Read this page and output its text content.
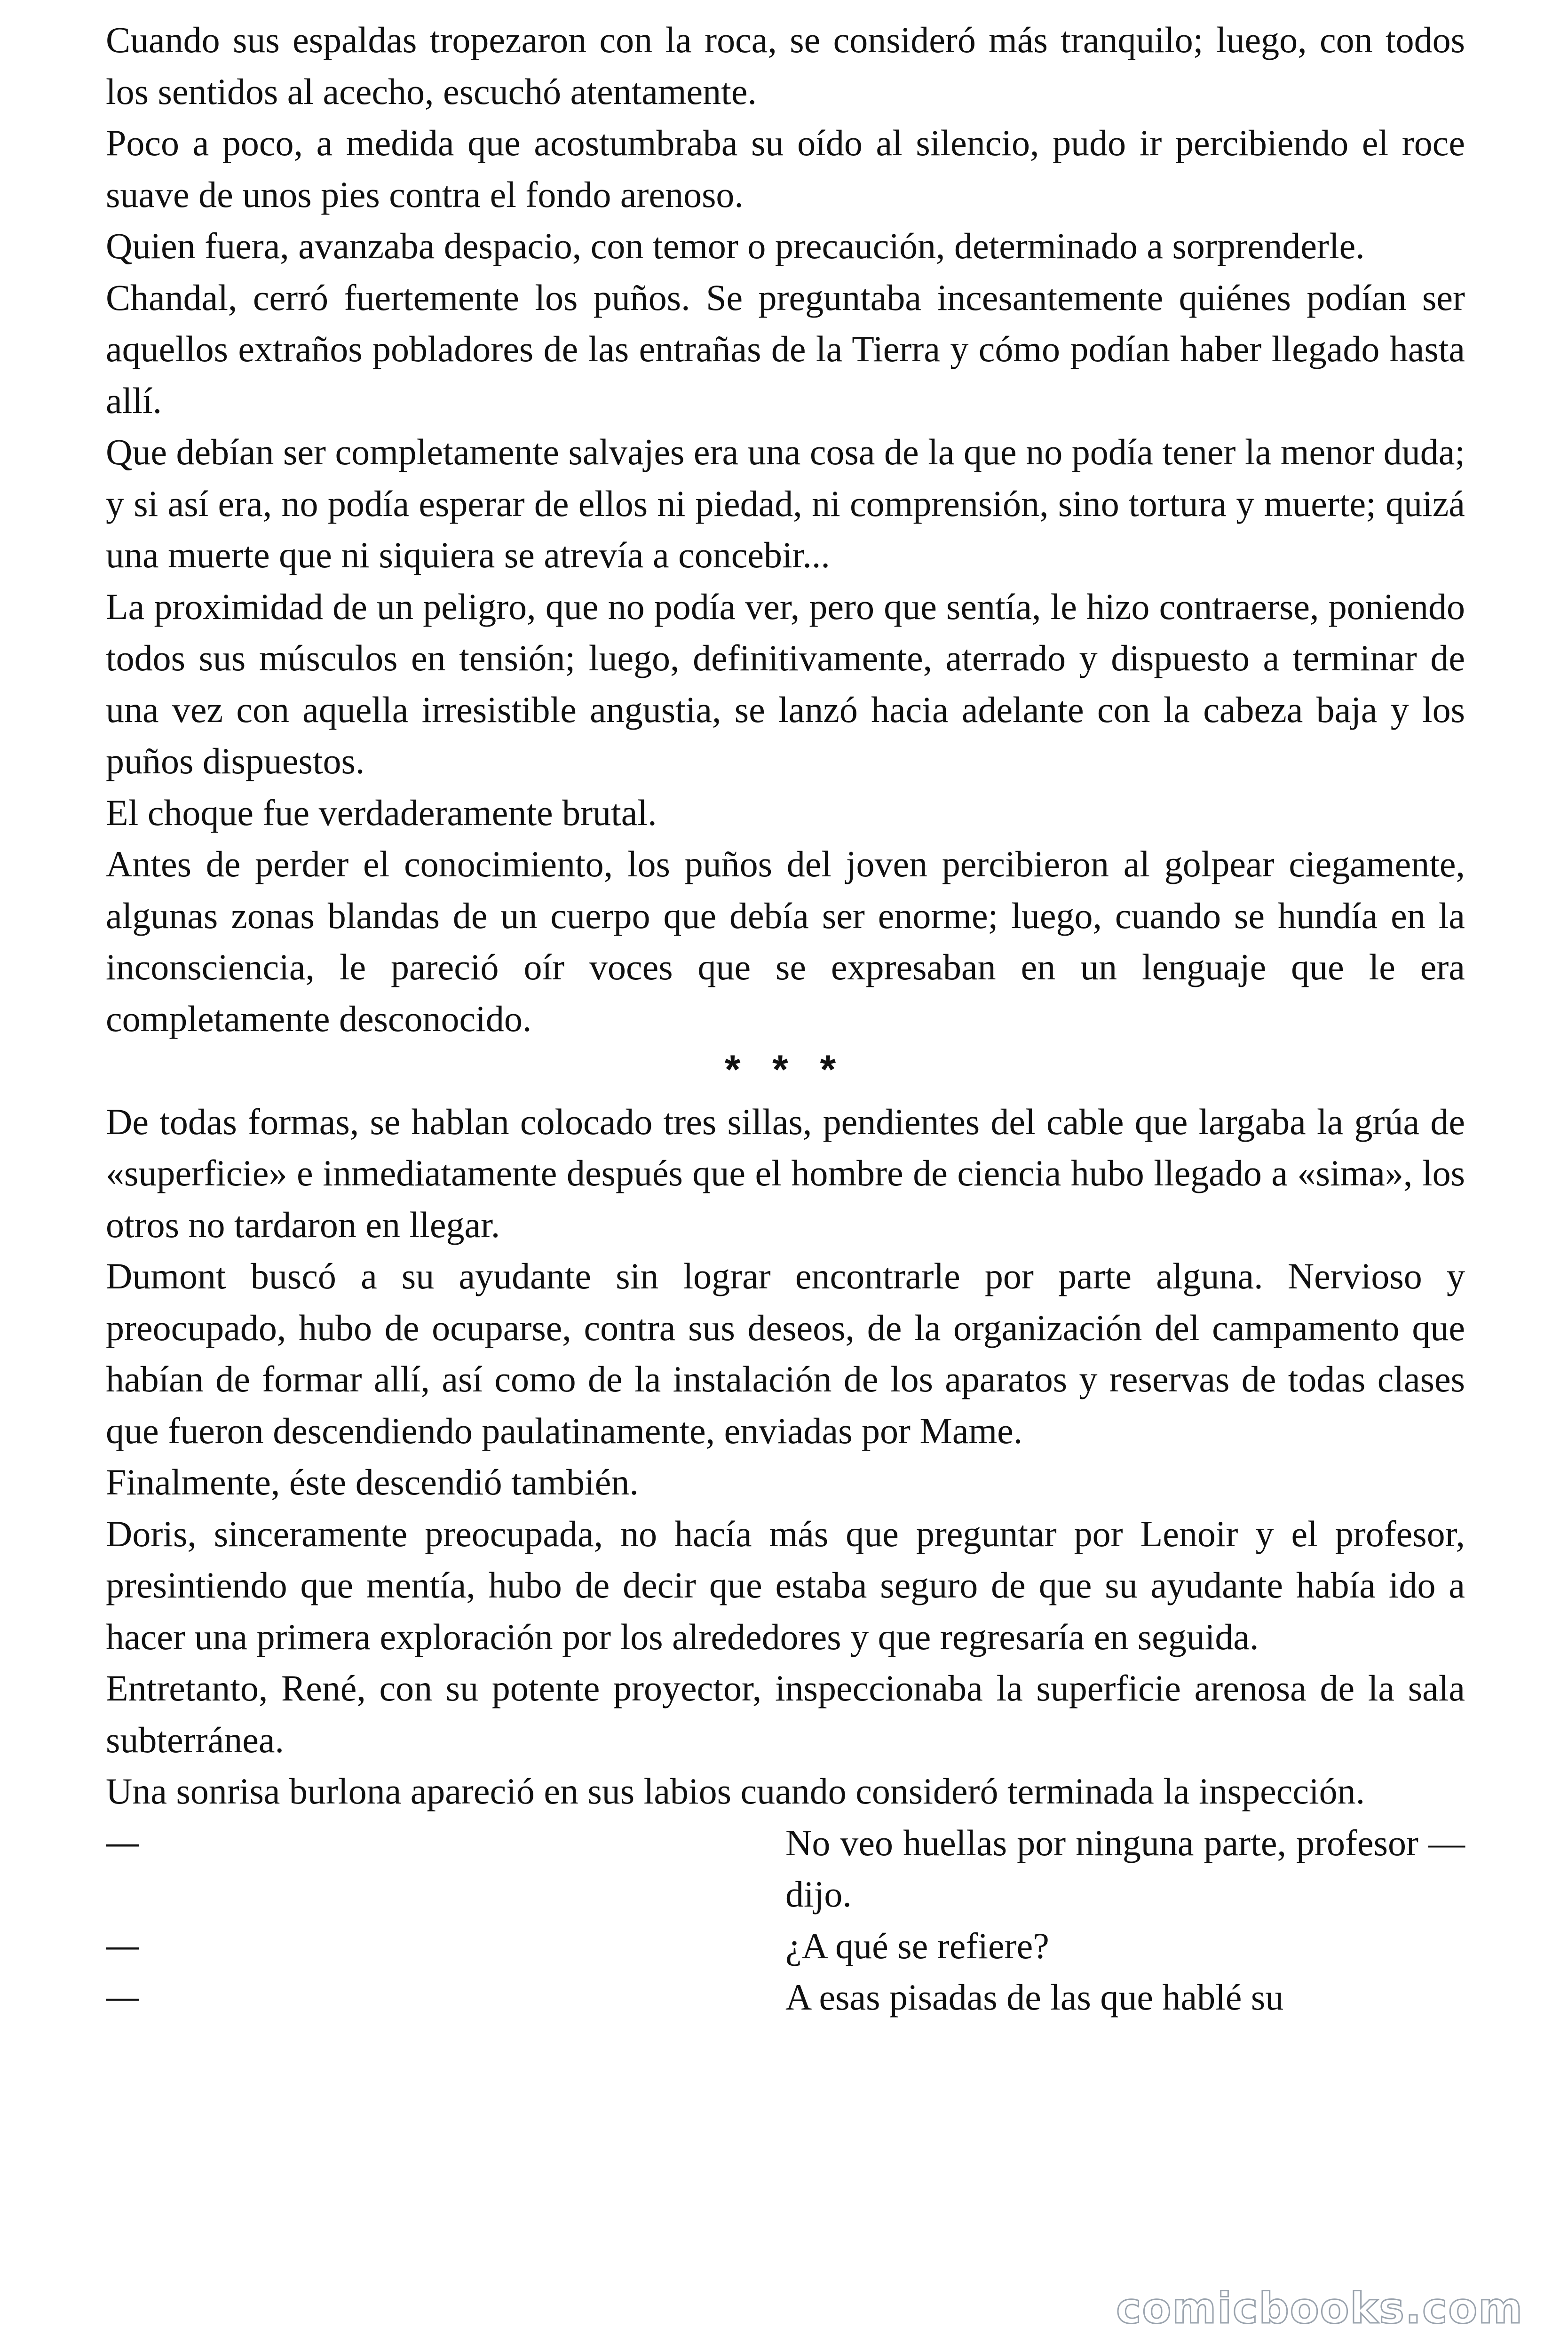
Cuando sus espaldas tropezaron con la roca, se consideró más tranquilo; luego, con todos los sentidos al acecho, escuchó atentamente.

Poco a poco, a medida que acostumbraba su oído al silencio, pudo ir percibiendo el roce suave de unos pies contra el fondo arenoso.

Quien fuera, avanzaba despacio, con temor o precaución, determinado a sorprenderle.

Chandal, cerró fuertemente los puños. Se preguntaba incesantemente quiénes podían ser aquellos extraños pobladores de las entrañas de la Tierra y cómo podían haber llegado hasta allí.

Que debían ser completamente salvajes era una cosa de la que no podía tener la menor duda; y si así era, no podía esperar de ellos ni piedad, ni comprensión, sino tortura y muerte; quizá una muerte que ni siquiera se atrevía a concebir...

La proximidad de un peligro, que no podía ver, pero que sentía, le hizo contraerse, poniendo todos sus músculos en tensión; luego, definitivamente, aterrado y dispuesto a terminar de una vez con aquella irresistible angustia, se lanzó hacia adelante con la cabeza baja y los puños dispuestos.

El choque fue verdaderamente brutal.

Antes de perder el conocimiento, los puños del joven percibieron al golpear ciegamente, algunas zonas blandas de un cuerpo que debía ser enorme; luego, cuando se hundía en la inconsciencia, le pareció oír voces que se expresaban en un lenguaje que le era completamente desconocido.

* * *

De todas formas, se hablan colocado tres sillas, pendientes del cable que largaba la grúa de «superficie» e inmediatamente después que el hombre de ciencia hubo llegado a «sima», los otros no tardaron en llegar.

Dumont buscó a su ayudante sin lograr encontrarle por parte alguna. Nervioso y preocupado, hubo de ocuparse, contra sus deseos, de la organización del campamento que habían de formar allí, así como de la instalación de los aparatos y reservas de todas clases que fueron descendiendo paulatinamente, enviadas por Mame.

Finalmente, éste descendió también.

Doris, sinceramente preocupada, no hacía más que preguntar por Lenoir y el profesor, presintiendo que mentía, hubo de decir que estaba seguro de que su ayudante había ido a hacer una primera exploración por los alrededores y que regresaría en seguida.

Entretanto, René, con su potente proyector, inspeccionaba la superficie arenosa de la sala subterránea.

Una sonrisa burlona apareció en sus labios cuando consideró terminada la inspección.

—	No veo huellas por ninguna parte, profesor —dijo.
—	¿A qué se refiere?
—	A esas pisadas de las que hablé su
comicbooks.com
